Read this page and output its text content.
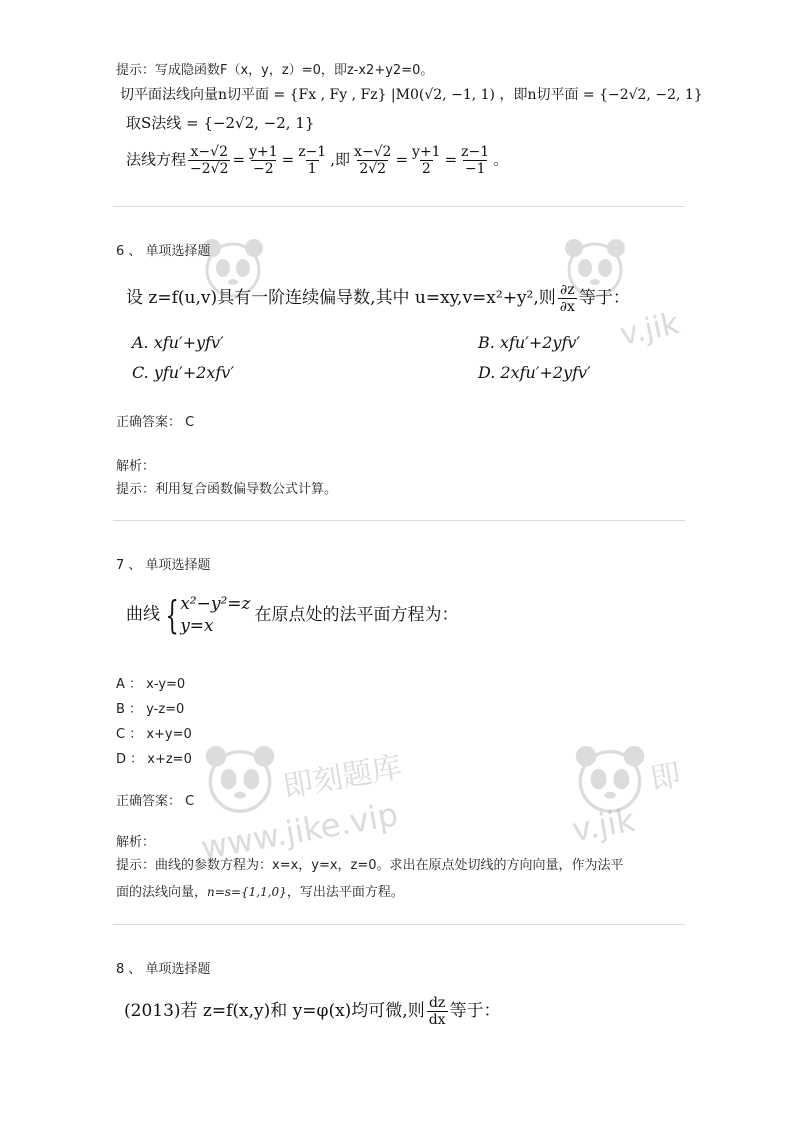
提示：写成隐函数F（x，y，z）=0，即z-x2+y2=0。
切平面法线向量n切平面 = {Fx , Fy , Fz} |M0(√2, −1, 1) ，即n切平面 = {−2√2, −2, 1}
取S法线 = {−2√2, −2, 1}
法线方程 $\frac{x-√2}{-2√2} = \frac{y+1}{-2} = \frac{z-1}{1}$ ,即 $\frac{x-√2}{2√2} = \frac{y+1}{2} = \frac{z-1}{-1}$ 。
6 、 单项选择题
设 z=f(u,v)具有一阶连续偏导数,其中 u=xy,v=x²+y²,则 $\frac{\partial z}{\partial x}$ 等于：
A. xfu′+yfv′	B. xfu′+2yfv′
C. yfu′+2xfv′	D. 2xfu′+2yfv′
正确答案： C
解析：
提示：利用复合函数偏导数公式计算。
7 、 单项选择题
曲线 { x²−y²=z
y=x
在原点处的法平面方程为：
A ： x-y=0
B ： y-z=0
C ： x+y=0
D ： x+z=0
正确答案： C
解析：
提示：曲线的参数方程为：x=x，y=x，z=0。求出在原点处切线的方向向量，作为法平
面的法线向量，n=s={1,1,0}，写出法平面方程。
8 、 单项选择题
(2013)若 z=f(x,y)和 y=φ(x)均可微,则 $\frac{dz}{dx}$ 等于：
v.jik
即刻题库
www.jike.vip
即
v.jik
